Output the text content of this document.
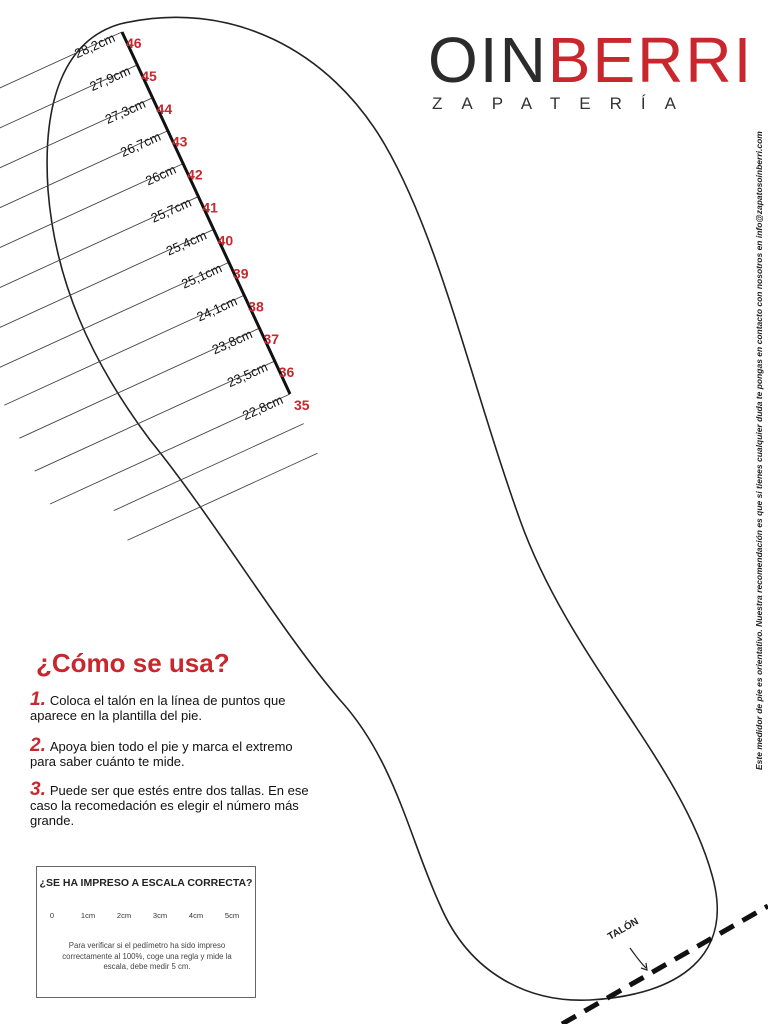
28,2cm 46
27,9cm 45
27,3cm 44
26,7cm 43
26cm 42
25,7cm 41
25,4cm 40
25,1cm 39
24,1cm 38
23,8cm 37
23,5cm 36
22,8cm 35
TALÓN
OINBERRI
ZAPATERÍA
Este medidor de pie es orientativo. Nuestra recomendación es que si tienes cualquier duda te pongas en contacto con nosotros en info@zapatosoinberri.com
¿Cómo se usa?
1. Coloca el talón en la línea de puntos que aparece en la plantilla del pie.
2. Apoya bien todo el pie y marca el extremo para saber cuánto te mide.
3. Puede ser que estés entre dos tallas. En ese caso la recomedación es elegir el número más grande.
¿SE HA IMPRESO A ESCALA CORRECTA?
0	1cm	2cm	3cm	4cm	5cm
Para verificar si el pedímetro ha sido impreso correctamente al 100%, coge una regla y mide la escala, debe medir 5 cm.
